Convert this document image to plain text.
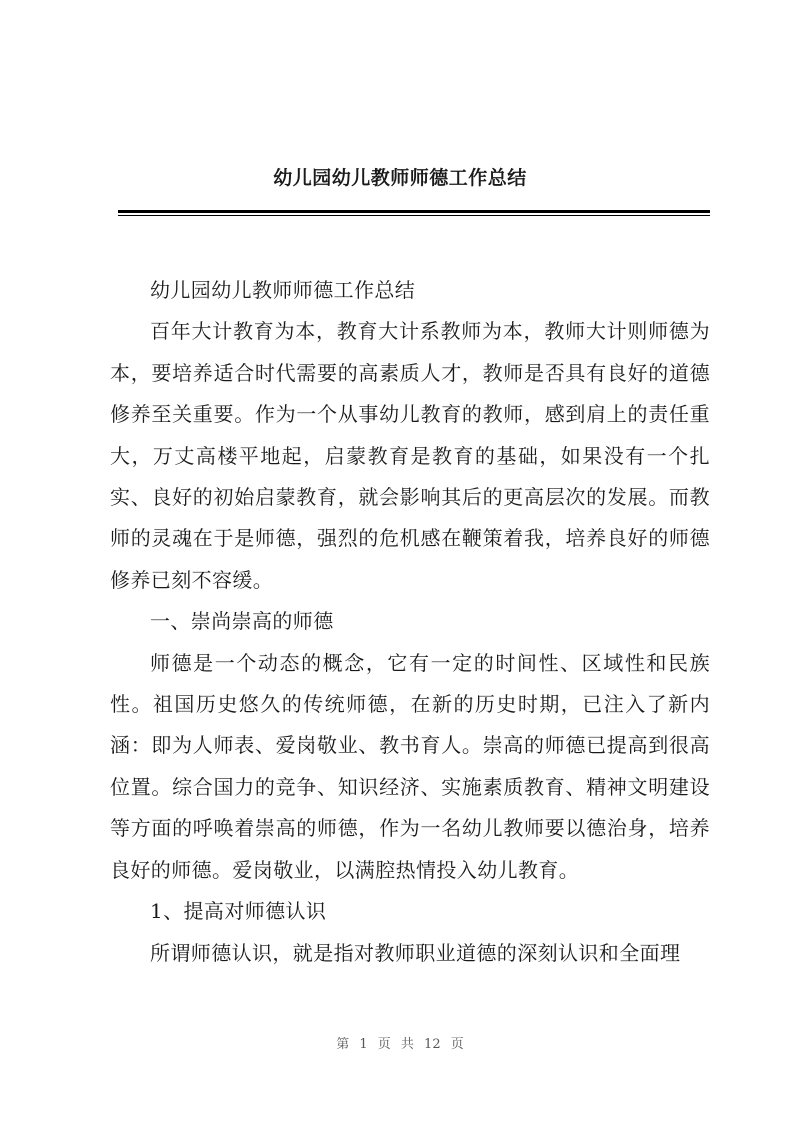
幼儿园幼儿教师师德工作总结

幼儿园幼儿教师师德工作总结

百年大计教育为本，教育大计系教师为本，教师大计则师德为本，要培养适合时代需要的高素质人才，教师是否具有良好的道德修养至关重要。作为一个从事幼儿教育的教师，感到肩上的责任重大，万丈高楼平地起，启蒙教育是教育的基础，如果没有一个扎实、良好的初始启蒙教育，就会影响其后的更高层次的发展。而教师的灵魂在于是师德，强烈的危机感在鞭策着我，培养良好的师德修养已刻不容缓。

一、崇尚崇高的师德

师德是一个动态的概念，它有一定的时间性、区域性和民族性。祖国历史悠久的传统师德，在新的历史时期，已注入了新内涵：即为人师表、爱岗敬业、教书育人。崇高的师德已提高到很高位置。综合国力的竞争、知识经济、实施素质教育、精神文明建设等方面的呼唤着崇高的师德，作为一名幼儿教师要以德治身，培养良好的师德。爱岗敬业，以满腔热情投入幼儿教育。

1、提高对师德认识

所谓师德认识，就是指对教师职业道德的深刻认识和全面理

第 1 页 共 12 页
